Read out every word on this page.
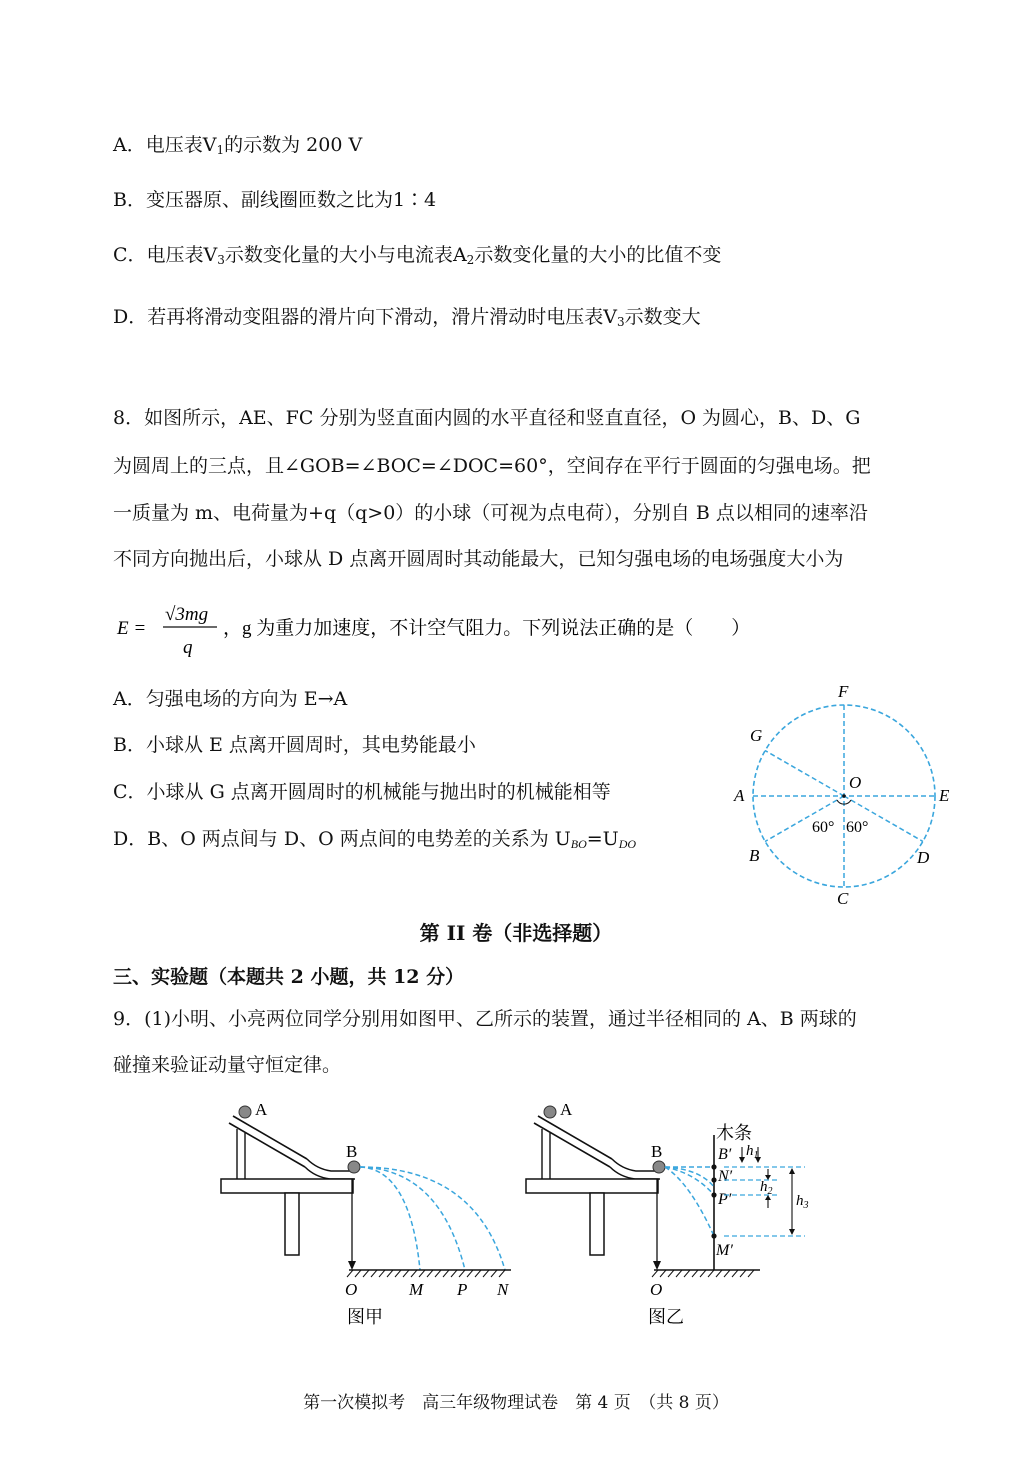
A．电压表$V_1$的示数为 200 V
B．变压器原、副线圈匝数之比为1∶4
C．电压表$V_3$示数变化量的大小与电流表$A_2$示数变化量的大小的比值不变
D．若再将滑动变阻器的滑片向下滑动，滑片滑动时电压表$V_3$示数变大
8．如图所示，AE、FC 分别为竖直面内圆的水平直径和竖直直径，O 为圆心，B、D、G
为圆周上的三点，且∠GOB=∠BOC=∠DOC=60°，空间存在平行于圆面的匀强电场。把
一质量为 m、电荷量为+q（q>0）的小球（可视为点电荷），分别自 B 点以相同的速率沿
不同方向抛出后，小球从 D 点离开圆周时其动能最大，已知匀强电场的电场强度大小为
E =
√3mg
q
，g 为重力加速度，不计空气阻力。下列说法正确的是（　　）
A．匀强电场的方向为 E→A
B．小球从 E 点离开圆周时，其电势能最小
C．小球从 G 点离开圆周时的机械能与抛出时的机械能相等
D．B、O 两点间与 D、O 两点间的电势差的关系为 $U_{BO}=U_{DO}$
F
G
A
O
E
B	D
C
60° 60°
第 II 卷（非选择题）
三、实验题（本题共 2 小题，共 12 分）
9．(1)小明、小亮两位同学分别用如图甲、乙所示的装置，通过半径相同的 A、B 两球的
碰撞来验证动量守恒定律。
A
B
O	M P N
图甲
A
B
木条
B′
N′
P′
M′
$h_1$
$h_2$
$h_3$
O
图乙
第一次模拟考　高三年级物理试卷　第 4 页　（共 8 页）
